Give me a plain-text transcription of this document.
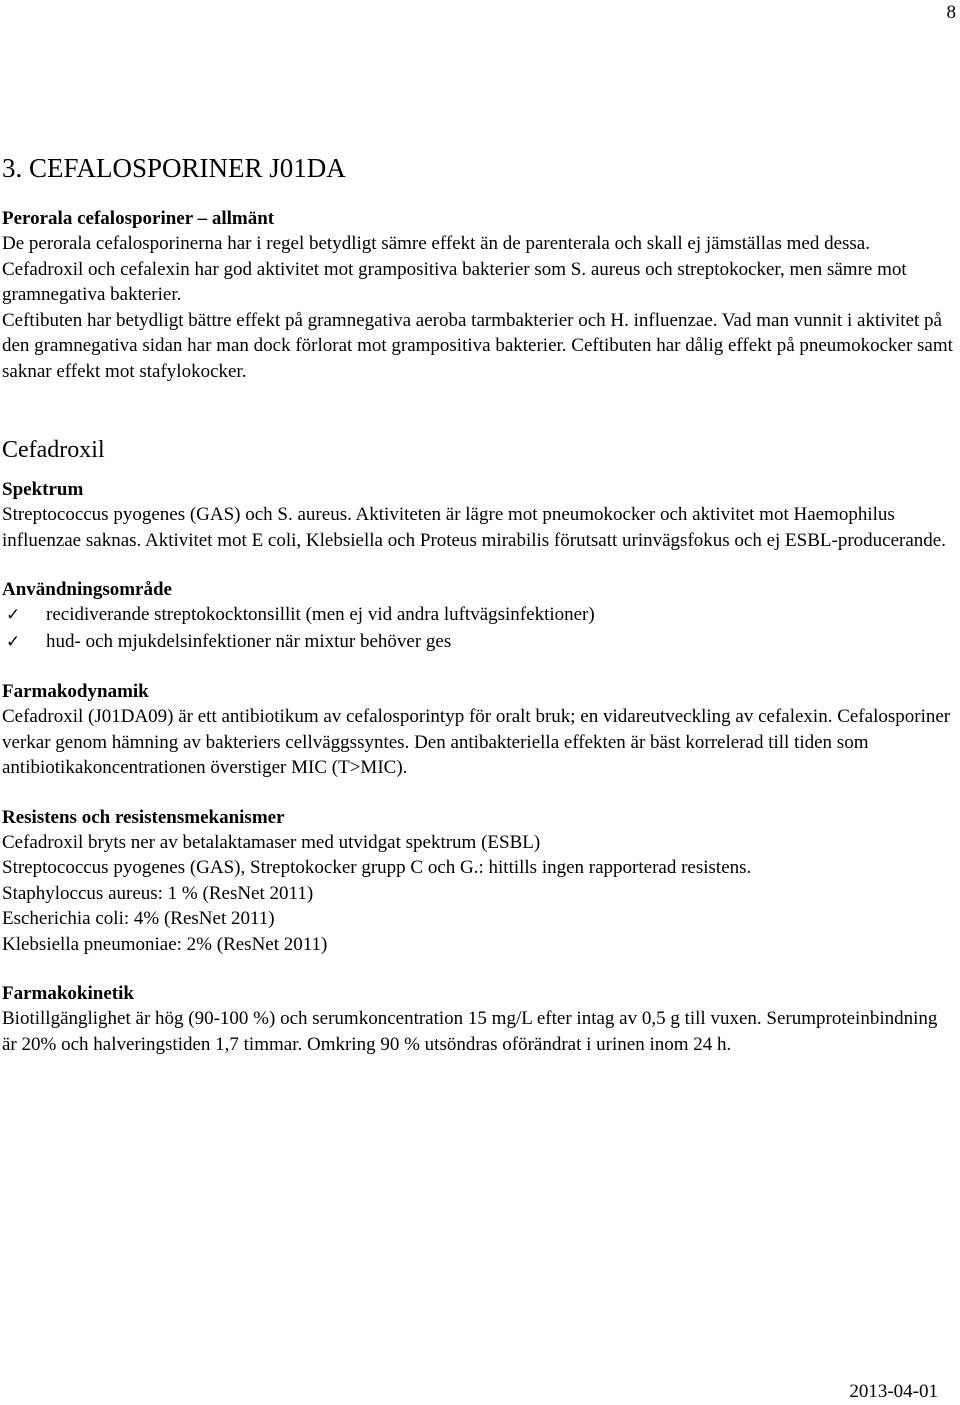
8
3. CEFALOSPORINER J01DA
Perorala cefalosporiner – allmänt

De perorala cefalosporinerna har i regel betydligt sämre effekt än de parenterala och skall ej jämställas med dessa.

Cefadroxil och cefalexin har god aktivitet mot grampositiva bakterier som S. aureus och streptokocker, men sämre mot gramnegativa bakterier.

Ceftibuten har betydligt bättre effekt på gramnegativa aeroba tarmbakterier och H. influenzae. Vad man vunnit i aktivitet på den gramnegativa sidan har man dock förlorat mot grampositiva bakterier. Ceftibuten har dålig effekt på pneumokocker samt saknar effekt mot stafylokocker.

Cefadroxil
Spektrum

Streptococcus pyogenes (GAS) och S. aureus. Aktiviteten är lägre mot pneumokocker och aktivitet mot Haemophilus influenzae saknas. Aktivitet mot E coli, Klebsiella och Proteus mirabilis förutsatt urinvägsfokus och ej ESBL-producerande.

Användningsområde
✓	recidiverande streptokocktonsillit (men ej vid andra luftvägsinfektioner)
✓	hud- och mjukdelsinfektioner när mixtur behöver ges
Farmakodynamik

Cefadroxil (J01DA09) är ett antibiotikum av cefalosporintyp för oralt bruk; en vidareutveckling av cefalexin. Cefalosporiner verkar genom hämning av bakteriers cellväggssyntes. Den antibakteriella effekten är bäst korrelerad till tiden som antibiotikakoncentrationen överstiger MIC (T>MIC).

Resistens och resistensmekanismer

Cefadroxil bryts ner av betalaktamaser med utvidgat spektrum (ESBL)

Streptococcus pyogenes (GAS), Streptokocker grupp C och G.: hittills ingen rapporterad resistens.

Staphyloccus aureus: 1 % (ResNet 2011)

Escherichia coli: 4% (ResNet 2011)

Klebsiella pneumoniae: 2% (ResNet 2011)

Farmakokinetik

Biotillgänglighet är hög (90-100 %) och serumkoncentration 15 mg/L efter intag av 0,5 g till vuxen. Serumproteinbindning är 20% och halveringstiden 1,7 timmar. Omkring 90 % utsöndras oförändrat i urinen inom 24 h.

2013-04-01
